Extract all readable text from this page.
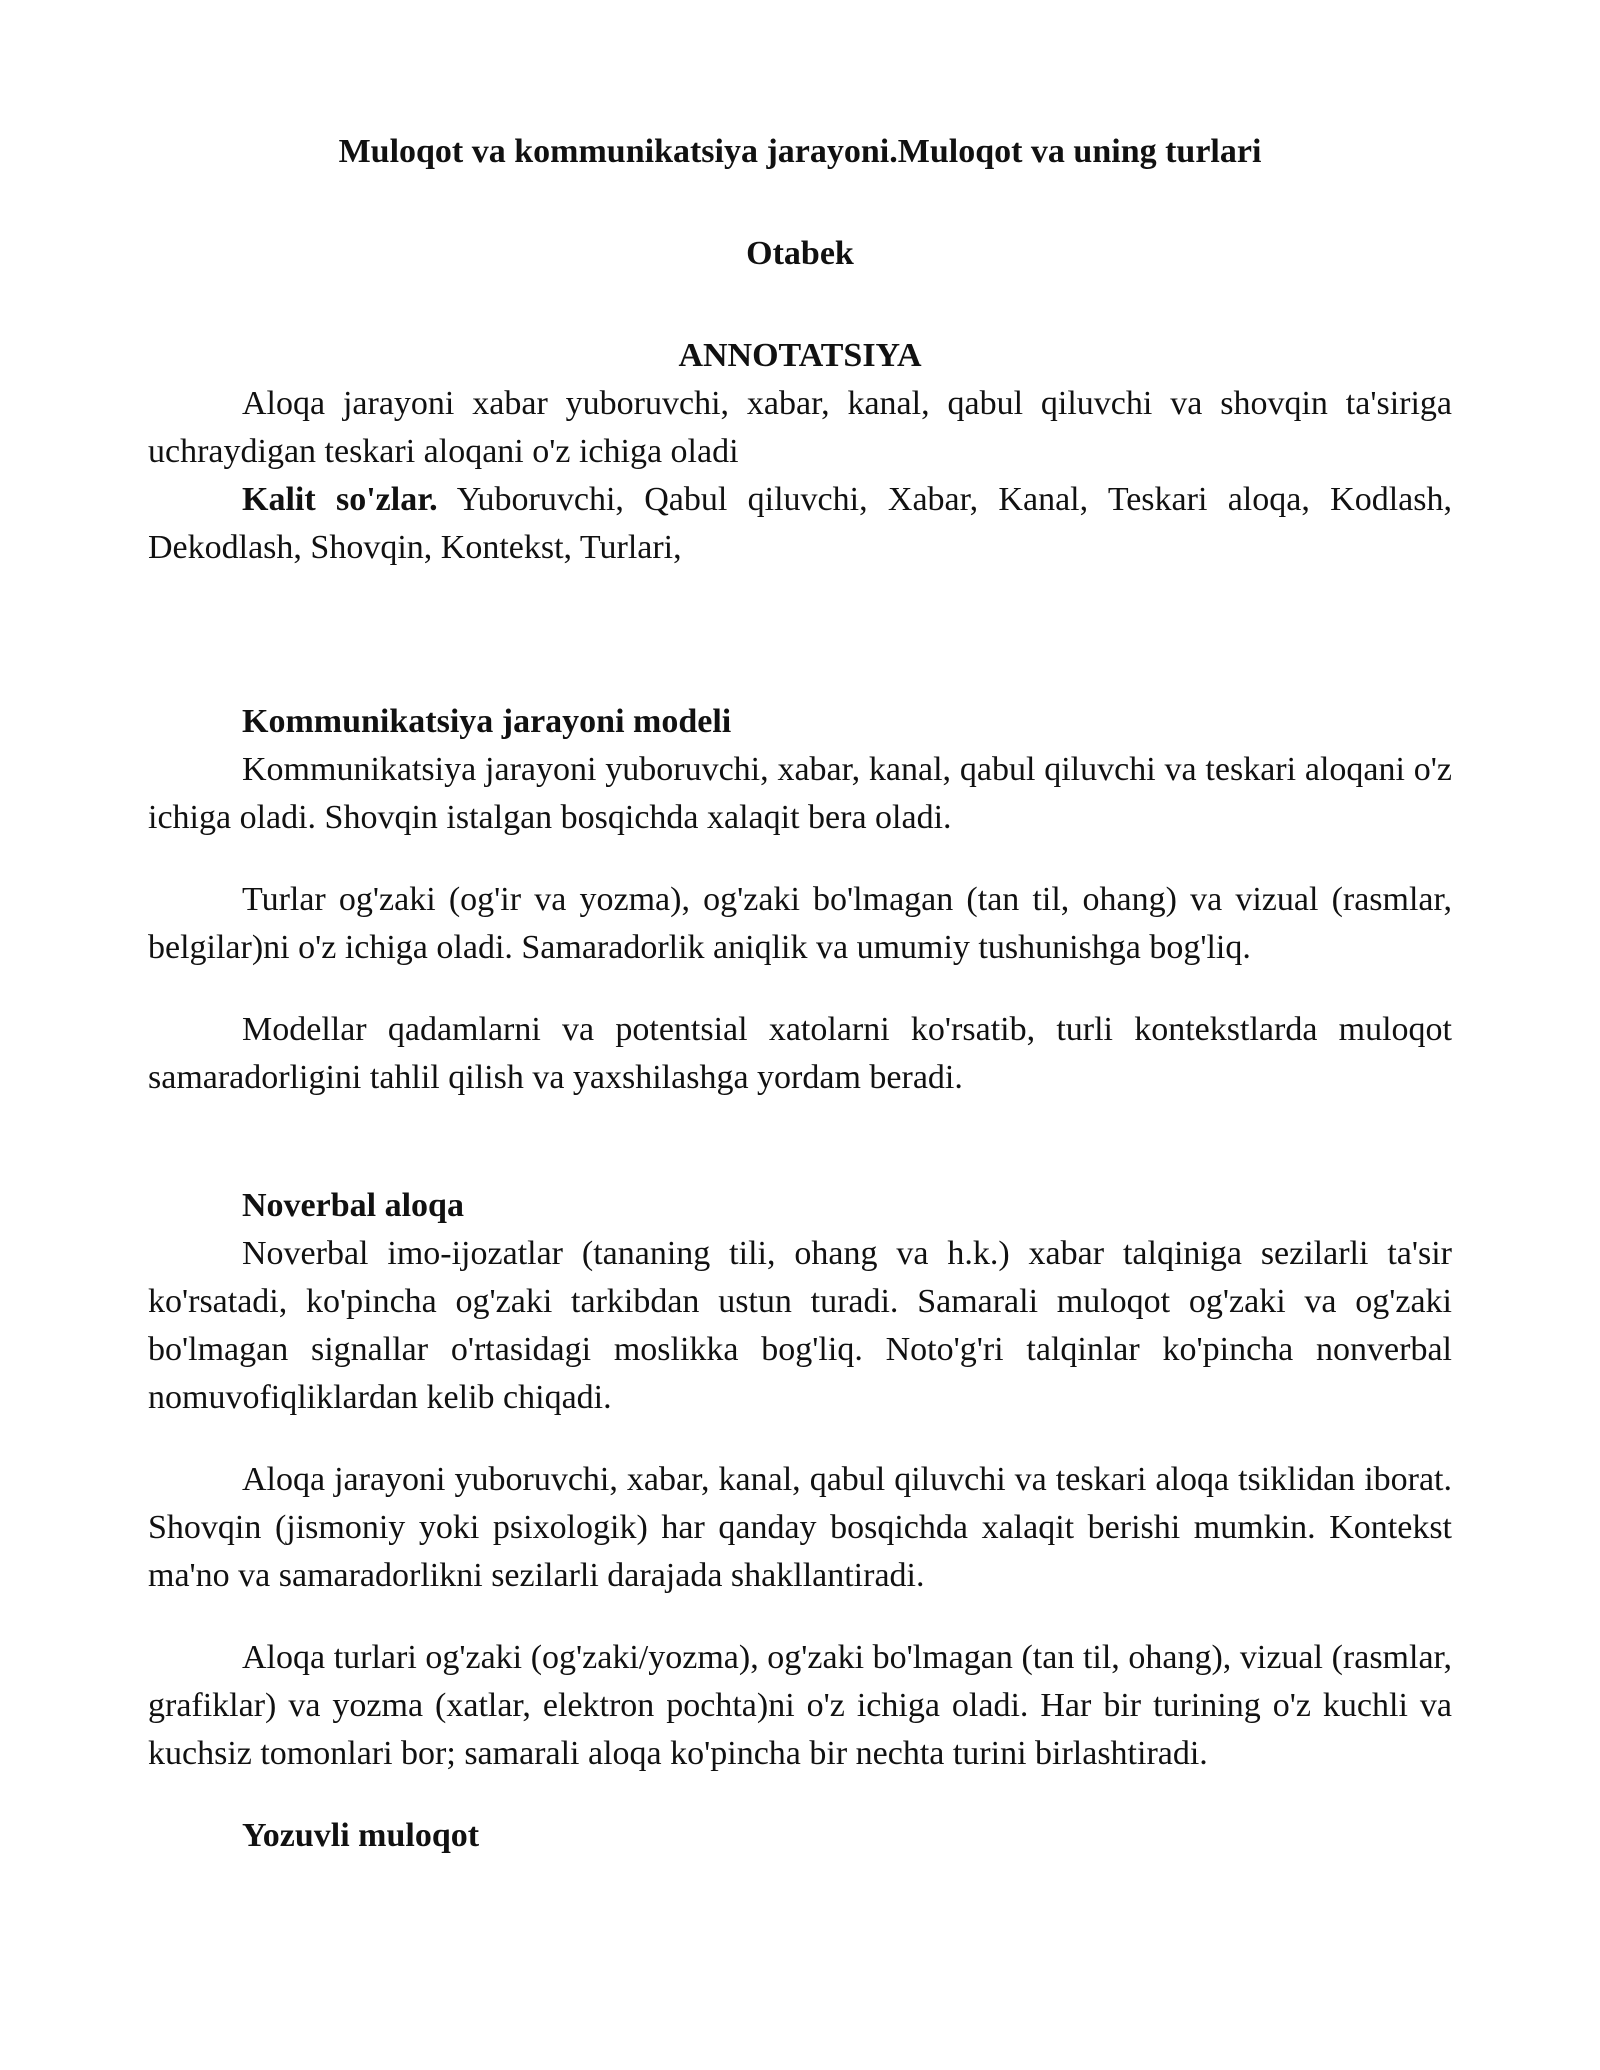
Muloqot va kommunikatsiya jarayoni.Muloqot va uning turlari

Otabek

ANNOTATSIYA

Aloqa jarayoni xabar yuboruvchi, xabar, kanal, qabul qiluvchi va shovqin ta'siriga uchraydigan teskari aloqani o'z ichiga oladi

Kalit so'zlar. Yuboruvchi, Qabul qiluvchi, Xabar, Kanal, Teskari aloqa, Kodlash, Dekodlash, Shovqin, Kontekst, Turlari,

Kommunikatsiya jarayoni modeli

Kommunikatsiya jarayoni yuboruvchi, xabar, kanal, qabul qiluvchi va teskari aloqani o'z ichiga oladi. Shovqin istalgan bosqichda xalaqit bera oladi.

Turlar og'zaki (og'ir va yozma), og'zaki bo'lmagan (tan til, ohang) va vizual (rasmlar, belgilar)ni o'z ichiga oladi. Samaradorlik aniqlik va umumiy tushunishga bog'liq.

Modellar qadamlarni va potentsial xatolarni ko'rsatib, turli kontekstlarda muloqot samaradorligini tahlil qilish va yaxshilashga yordam beradi.

Noverbal aloqa

Noverbal imo-ijozatlar (tananing tili, ohang va h.k.) xabar talqiniga sezilarli ta'sir ko'rsatadi, ko'pincha og'zaki tarkibdan ustun turadi. Samarali muloqot og'zaki va og'zaki bo'lmagan signallar o'rtasidagi moslikka bog'liq. Noto'g'ri talqinlar ko'pincha nonverbal nomuvofiqliklardan kelib chiqadi.

Aloqa jarayoni yuboruvchi, xabar, kanal, qabul qiluvchi va teskari aloqa tsiklidan iborat. Shovqin (jismoniy yoki psixologik) har qanday bosqichda xalaqit berishi mumkin. Kontekst ma'no va samaradorlikni sezilarli darajada shakllantiradi.

Aloqa turlari og'zaki (og'zaki/yozma), og'zaki bo'lmagan (tan til, ohang), vizual (rasmlar, grafiklar) va yozma (xatlar, elektron pochta)ni o'z ichiga oladi. Har bir turining o'z kuchli va kuchsiz tomonlari bor; samarali aloqa ko'pincha bir nechta turini birlashtiradi.

Yozuvli muloqot
